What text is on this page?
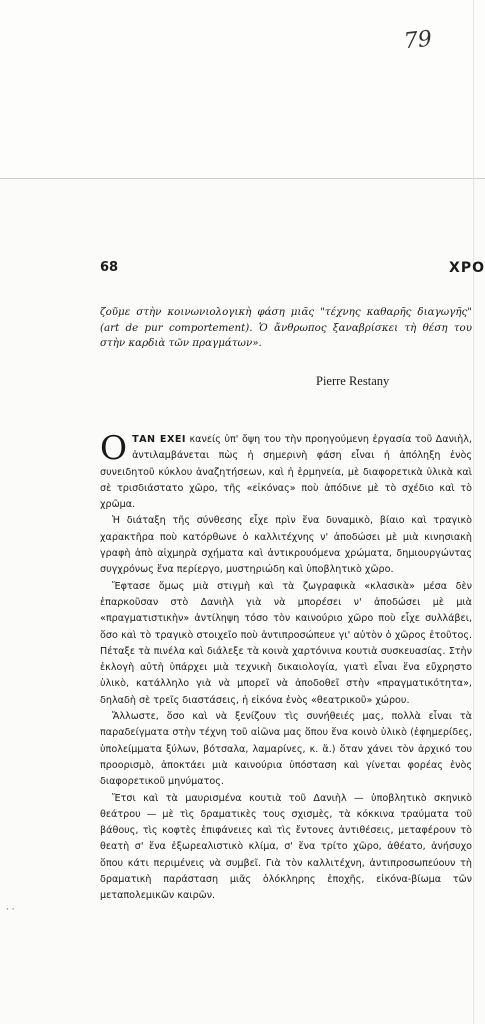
79
68	ΧΡΟ

ζοῦμε στὴν κοινωνιολογικὴ φάση μιᾶς "τέχνης καθαρῆς διαγωγῆς" (art de pur comportement). Ὁ ἄνθρωπος ξαναβρίσκει τὴ θέση του στὴν καρδιὰ τῶν πραγμάτων».

Pierre Restany

ΟΤΑΝ ΕΧΕΙ κανείς ὑπ' ὄψη του τὴν προηγούμενη ἐργασία τοῦ Δανιὴλ, ἀντιλαμβάνεται πὼς ἡ σημερινὴ φάση εἶναι ἡ ἀπόληξη ἑνὸς συνειδητοῦ κύκλου ἀναζητήσεων, καὶ ἡ ἑρμηνεία, μὲ διαφορετικὰ ὑλικὰ καὶ σὲ τρισδιάστατο χῶρο, τῆς «εἰκόνας» ποὺ ἀπόδινε μὲ τὸ σχέδιο καὶ τὸ χρῶμα.

Ἡ διάταξη τῆς σύνθεσης εἶχε πρὶν ἕνα δυναμικὸ, βίαιο καὶ τραγικὸ χαρακτῆρα ποὺ κατόρθωνε ὁ καλλιτέχνης ν' ἀποδώσει μὲ μιὰ κινησιακὴ γραφὴ ἀπὸ αἰχμηρὰ σχήματα καὶ ἀντικρουόμενα χρώματα, δημιουργώντας συγχρόνως ἕνα περίεργο, μυστηριώδη καὶ ὑποβλητικὸ χῶρο.

Ἔφτασε ὅμως μιὰ στιγμὴ καὶ τὰ ζωγραφικὰ «κλασικὰ» μέσα δὲν ἐπαρκοῦσαν στὸ Δανιὴλ γιὰ νὰ μπορέσει ν' ἀποδώσει μὲ μιὰ «πραγματιστικὴν» ἀντίληψη τόσο τὸν καινούριο χῶρο ποὺ εἶχε συλλάβει, ὅσο καὶ τὸ τραγικὸ στοιχεῖο ποὺ ἀντιπροσώπευε γι' αὐτὸν ὁ χῶρος ἐτοῦτος. Πέταξε τὰ πινέλα καὶ διάλεξε τὰ κοινὰ χαρτόνινα κουτιὰ συσκευασίας. Στὴν ἐκλογὴ αὐτὴ ὑπάρχει μιὰ τεχνικὴ δικαιολογία, γιατὶ εἶναι ἕνα εὔχρηστο ὑλικὸ, κατάλληλο γιὰ νὰ μπορεῖ νὰ ἀποδοθεῖ στὴν «πραγματικότητα», δηλαδὴ σὲ τρεῖς διαστάσεις, ἡ εἰκόνα ἑνὸς «θεατρικοῦ» χώρου.

Ἄλλωστε, ὅσο καὶ νὰ ξενίζουν τὶς συνήθειές μας, πολλὰ εἶναι τὰ παραδείγματα στὴν τέχνη τοῦ αἰῶνα μας ὅπου ἕνα κοινὸ ὑλικὸ (ἐφημερίδες, ὑπολείμματα ξύλων, βότσαλα, λαμαρίνες, κ. ἄ.) ὅταν χάνει τὸν ἀρχικό του προορισμὸ, ἀποκτάει μιὰ καινούρια ὑπόσταση καὶ γίνεται φορέας ἑνὸς διαφορετικοῦ μηνύματος.

Ἔτσι καὶ τὰ μαυρισμένα κουτιὰ τοῦ Δανιὴλ — ὑποβλητικὸ σκηνικὸ θεάτρου — μὲ τὶς δραματικὲς τους σχισμὲς, τὰ κόκκινα τραύματα τοῦ βάθους, τὶς κοφτὲς ἐπιφάνειες καὶ τὶς ἔντονες ἀντιθέσεις, μεταφέρουν τὸ θεατὴ σ' ἕνα ἐξωρεαλιστικὸ κλίμα, σ' ἕνα τρίτο χῶρο, ἀθέατο, ἀνήσυχο ὅπου κάτι περιμένεις νὰ συμβεῖ. Γιὰ τὸν καλλιτέχνη, ἀντιπροσωπεύουν τὴ δραματικὴ παράσταση μιᾶς ὁλόκληρης ἐποχῆς, εἰκόνα-βίωμα τῶν μεταπολεμικῶν καιρῶν.

· ·
